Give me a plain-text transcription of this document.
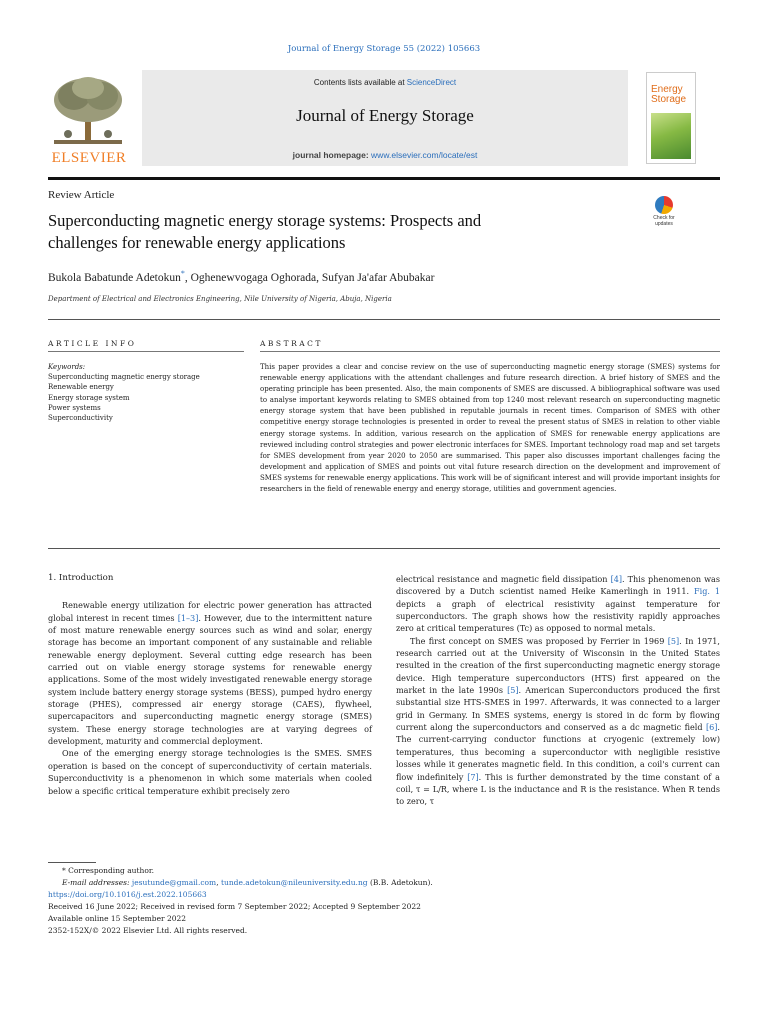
Journal of Energy Storage 55 (2022) 105663
ELSEVIER
Contents lists available at ScienceDirect
Journal of Energy Storage
journal homepage: www.elsevier.com/locate/est
Energy
Storage
Review Article
Superconducting magnetic energy storage systems: Prospects and
challenges for renewable energy applications
Check for
updates
Bukola Babatunde Adetokun*, Oghenewvogaga Oghorada, Sufyan Ja'afar Abubakar
Department of Electrical and Electronics Engineering, Nile University of Nigeria, Abuja, Nigeria
ARTICLE INFO	ABSTRACT
Keywords:
Superconducting magnetic energy storage
Renewable energy
Energy storage system
Power systems
Superconductivity
This paper provides a clear and concise review on the use of superconducting magnetic energy storage (SMES) systems for renewable energy applications with the attendant challenges and future research direction. A brief history of SMES and the operating principle has been presented. Also, the main components of SMES are discussed. A bibliographical software was used to analyse important keywords relating to SMES obtained from top 1240 most relevant research on superconducting magnetic energy storage system that have been published in reputable journals in recent times. Comparison of SMES with other competitive energy storage technologies is presented in order to reveal the present status of SMES in relation to other viable energy storage systems. In addition, various research on the application of SMES for renewable energy applications are reviewed including control strategies and power electronic interfaces for SMES. Important technology road map and set targets for SMES development from year 2020 to 2050 are summarised. This paper also discusses important challenges facing the development and application of SMES and points out vital future research direction on the development and improvement of SMES systems for renewable energy applications. This work will be of significant interest and will provide important insights for researchers in the field of renewable energy and energy storage, utilities and government agencies.

1. Introduction

Renewable energy utilization for electric power generation has attracted global interest in recent times [1–3]. However, due to the intermittent nature of most mature renewable energy sources such as wind and solar, energy storage has become an important component of any sustainable and reliable renewable energy deployment. Several cutting edge research has been carried out on viable energy storage systems for renewable energy applications. Some of the most widely investigated renewable energy storage system include battery energy storage systems (BESS), pumped hydro energy storage (PHES), compressed air energy storage (CAES), flywheel, supercapacitors and superconducting magnetic energy storage (SMES) system. These energy storage technologies are at varying degrees of development, maturity and commercial deployment.

One of the emerging energy storage technologies is the SMES. SMES operation is based on the concept of superconductivity of certain materials. Superconductivity is a phenomenon in which some materials when cooled below a specific critical temperature exhibit precisely zero

electrical resistance and magnetic field dissipation [4]. This phenomenon was discovered by a Dutch scientist named Heike Kamerlingh in 1911. Fig. 1 depicts a graph of electrical resistivity against temperature for superconductors. The graph shows how the resistivity rapidly approaches zero at critical temperatures (Tc) as opposed to normal metals.

The first concept on SMES was proposed by Ferrier in 1969 [5]. In 1971, research carried out at the University of Wisconsin in the United States resulted in the creation of the first superconducting magnetic energy storage device. High temperature superconductors (HTS) first appeared on the market in the late 1990s [5]. American Superconductors produced the first substantial size HTS-SMES in 1997. Afterwards, it was connected to a larger grid in Germany. In SMES systems, energy is stored in dc form by flowing current along the superconductors and conserved as a dc magnetic field [6]. The current-carrying conductor functions at cryogenic (extremely low) temperatures, thus becoming a superconductor with negligible resistive losses while it generates magnetic field. In this condition, a coil's current can flow indefinitely [7]. This is further demonstrated by the time constant of a coil, τ = L/R, where L is the inductance and R is the resistance. When R tends to zero, τ

* Corresponding author.
E-mail addresses: jesutunde@gmail.com, tunde.adetokun@nileuniversity.edu.ng (B.B. Adetokun).
https://doi.org/10.1016/j.est.2022.105663
Received 16 June 2022; Received in revised form 7 September 2022; Accepted 9 September 2022
Available online 15 September 2022
2352-152X/© 2022 Elsevier Ltd. All rights reserved.
